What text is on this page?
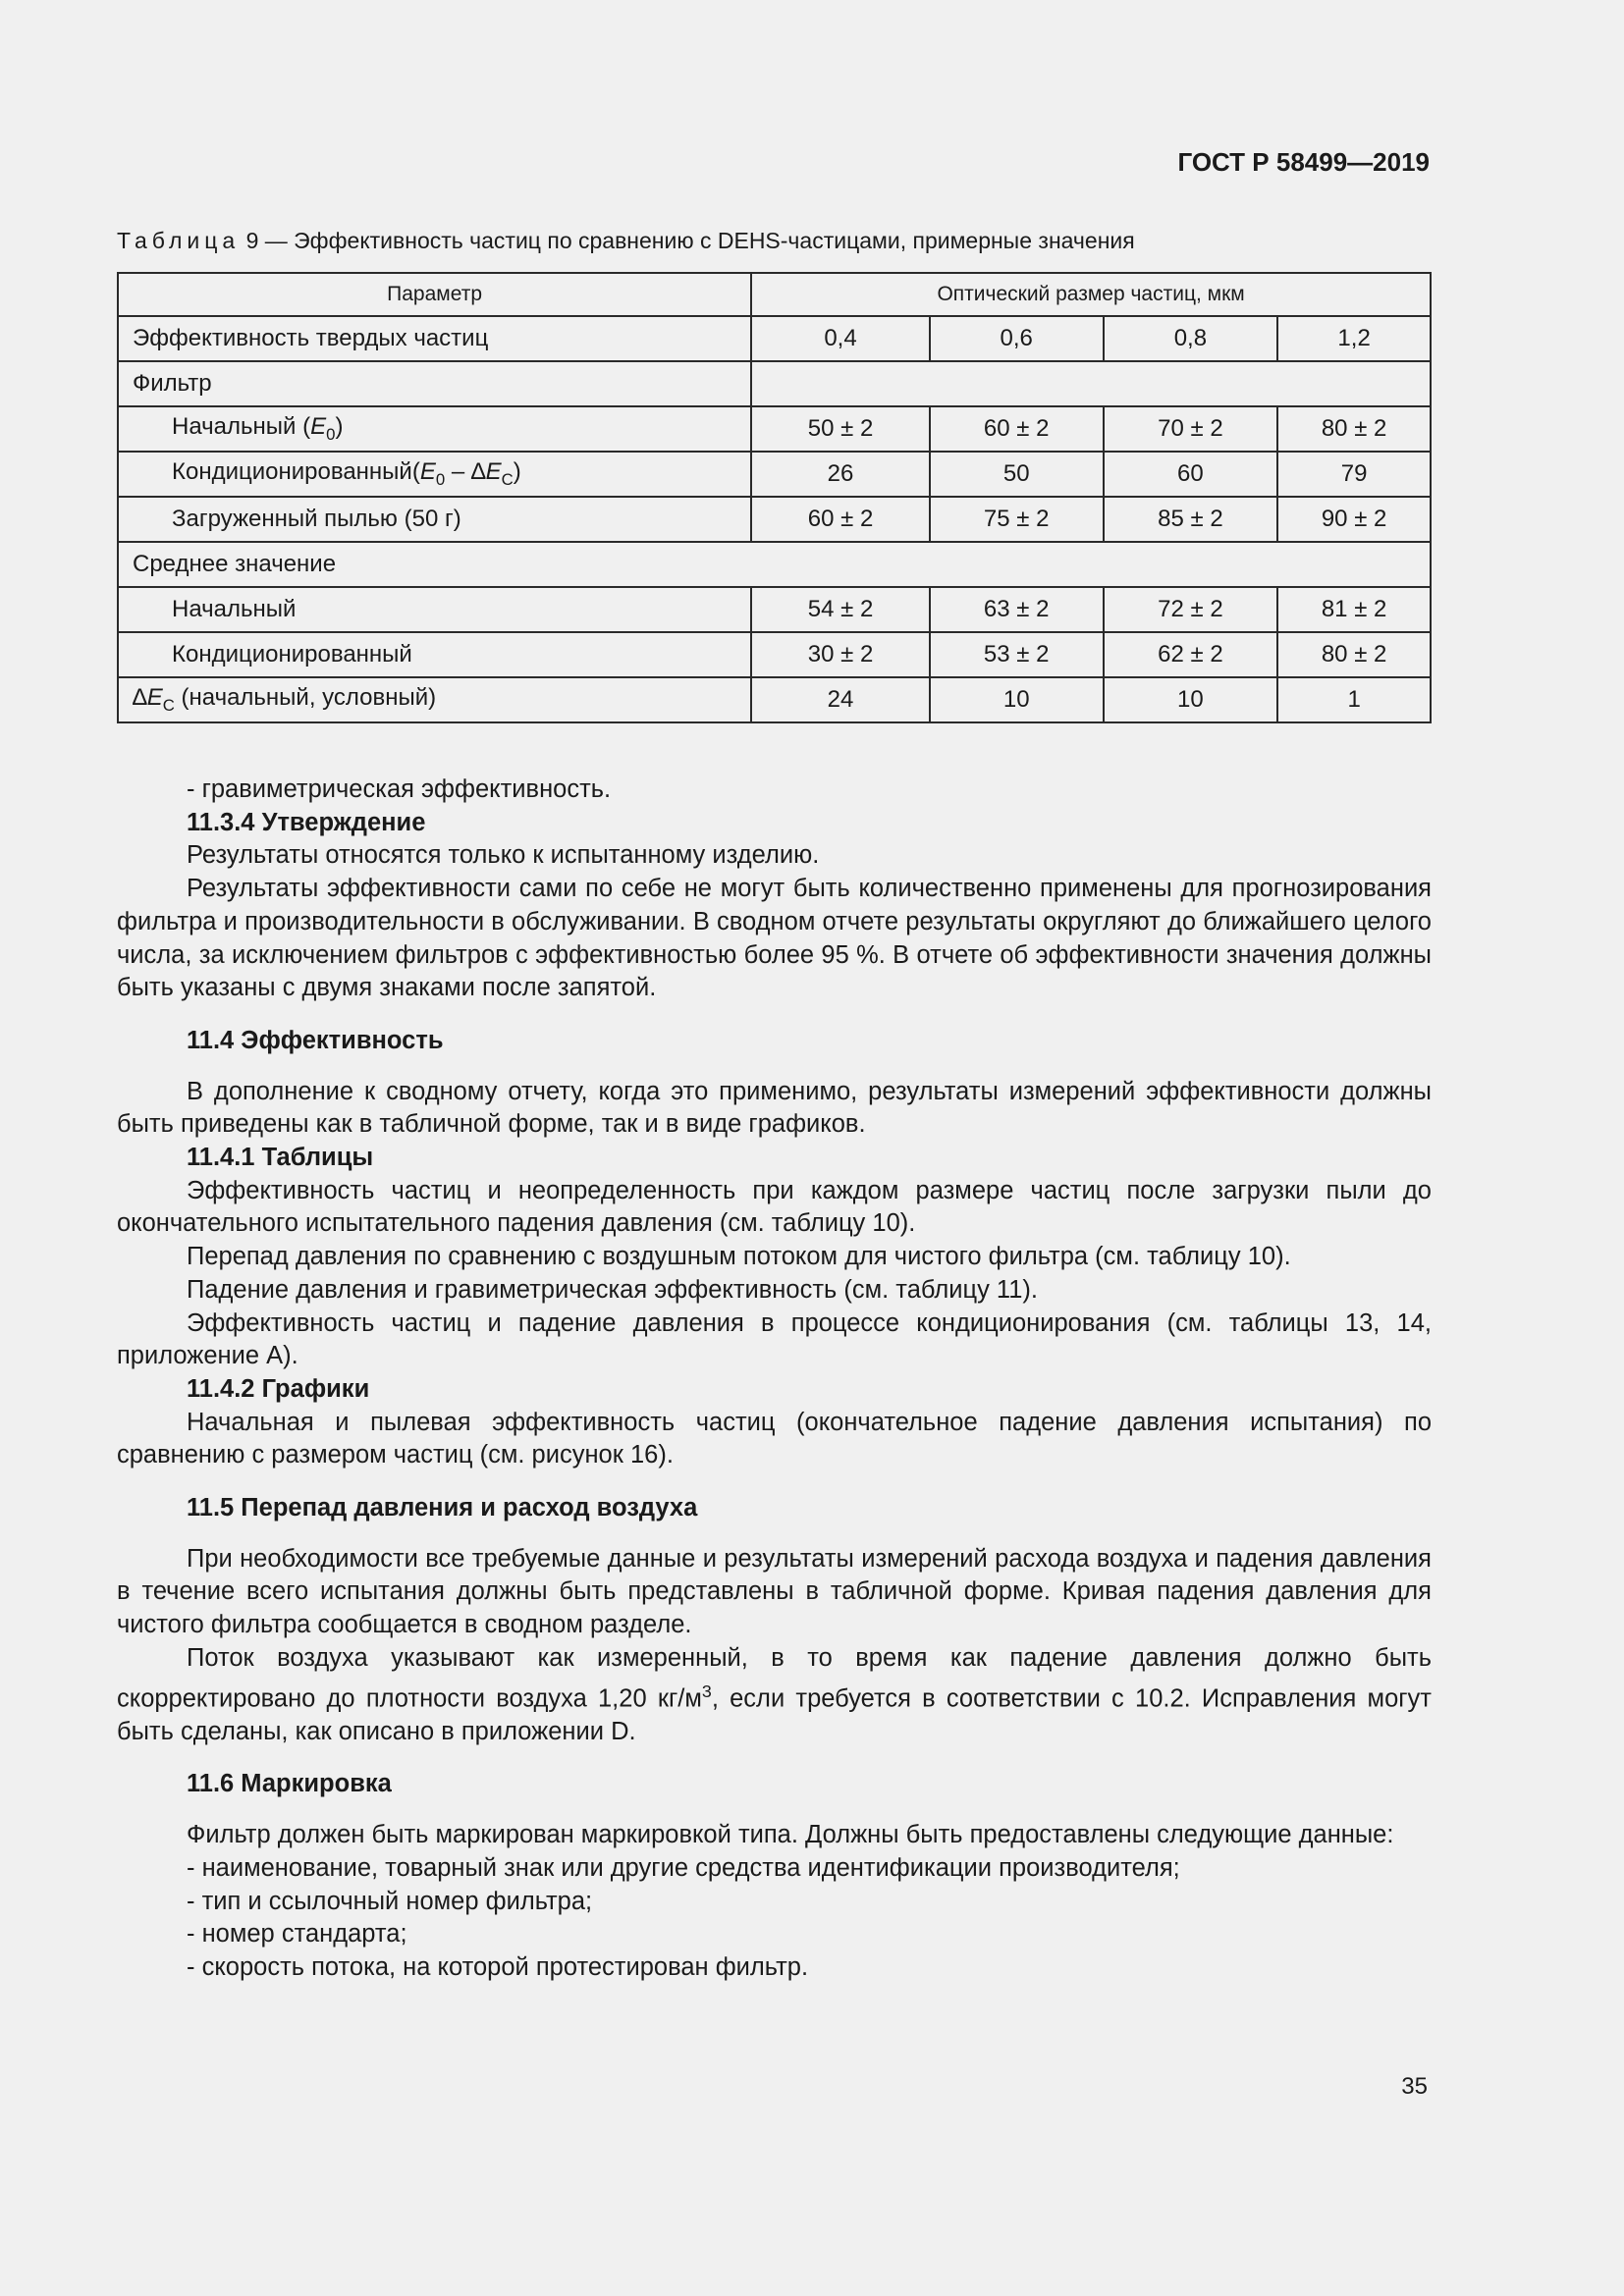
ГОСТ Р 58499—2019
Таблица 9 — Эффективность частиц по сравнению с DEHS-частицами, примерные значения
Параметр	Оптический размер частиц, мкм			
Эффективность твердых частиц	0,4	0,6	0,8	1,2
Фильтр				
Начальный $(E_0)$	50 ± 2	60 ± 2	70 ± 2	80 ± 2
$Кондиционированный(E_0 - \Delta E_C)$	26	50	60	79
Загруженный пылью (50 г)	60 ± 2	75 ± 2	85 ± 2	90 ± 2
Среднее значение				
Начальный	54 ± 2	63 ± 2	72 ± 2	81 ± 2
Кондиционированный	30 ± 2	53 ± 2	62 ± 2	80 ± 2
$\Delta E_C$ (начальный, условный)	24	10	10	1

- гравиметрическая эффективность.

11.3.4 Утверждение

Результаты относятся только к испытанному изделию.

Результаты эффективности сами по себе не могут быть количественно применены для прогнозирования фильтра и производительности в обслуживании. В сводном отчете результаты округляют до ближайшего целого числа, за исключением фильтров с эффективностью более 95 %. В отчете об эффективности значения должны быть указаны с двумя знаками после запятой.

11.4 Эффективность

В дополнение к сводному отчету, когда это применимо, результаты измерений эффективности должны быть приведены как в табличной форме, так и в виде графиков.

11.4.1 Таблицы

Эффективность частиц и неопределенность при каждом размере частиц после загрузки пыли до окончательного испытательного падения давления (см. таблицу 10).

Перепад давления по сравнению с воздушным потоком для чистого фильтра (см. таблицу 10).

Падение давления и гравиметрическая эффективность (см. таблицу 11).

Эффективность частиц и падение давления в процессе кондиционирования (см. таблицы 13, 14, приложение А).

11.4.2 Графики

Начальная и пылевая эффективность частиц (окончательное падение давления испытания) по сравнению с размером частиц (см. рисунок 16).

11.5 Перепад давления и расход воздуха

При необходимости все требуемые данные и результаты измерений расхода воздуха и падения давления в течение всего испытания должны быть представлены в табличной форме. Кривая падения давления для чистого фильтра сообщается в сводном разделе.

Поток воздуха указывают как измеренный, в то время как падение давления должно быть скорректировано до плотности воздуха 1,20 $кг/м^3$, если требуется в соответствии с 10.2. Исправления могут быть сделаны, как описано в приложении D.

11.6 Маркировка

Фильтр должен быть маркирован маркировкой типа. Должны быть предоставлены следующие данные:

- наименование, товарный знак или другие средства идентификации производителя;

- тип и ссылочный номер фильтра;

- номер стандарта;

- скорость потока, на которой протестирован фильтр.

35
